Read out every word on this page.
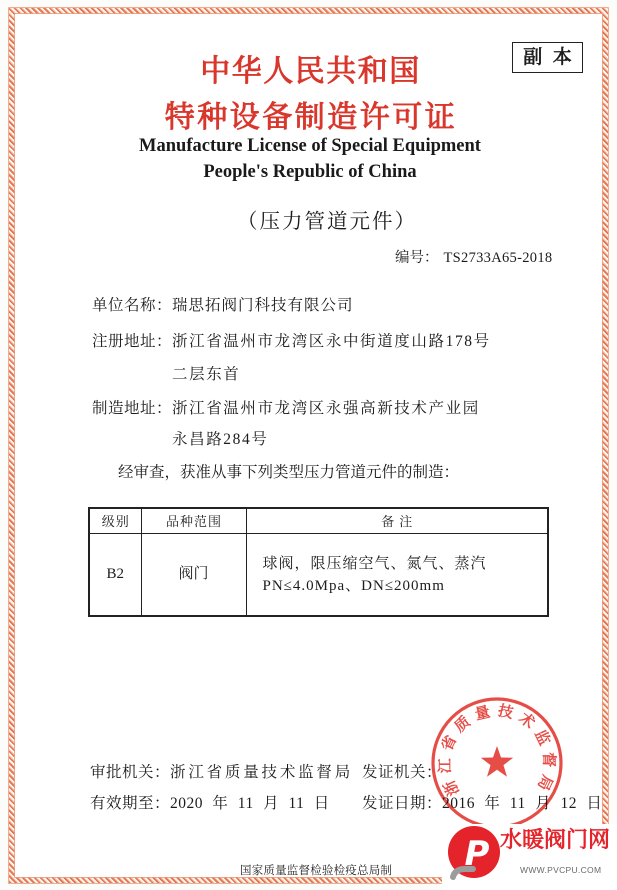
副 本
中华人民共和国
特种设备制造许可证
Manufacture License of Special Equipment
People's Republic of China
（压力管道元件）
编号： TS2733A65-2018
单位名称： 瑞思拓阀门科技有限公司
注册地址： 浙江省温州市龙湾区永中街道度山路178号
二层东首
制造地址： 浙江省温州市龙湾区永强高新技术产业园
永昌路284号
经审查，获准从事下列类型压力管道元件的制造：
级别	品种范围	备注
B2	阀门	球阀，限压缩空气、氮气、蒸汽
PN≤4.0Mpa、DN≤200mm
审批机关：浙江省质量技术监督局 发证机关：
有效期至：2020 年 11 月 11 日 发证日期：2016 年 11 月 12 日
国家质量监督检验检疫总局制
浙江省质量技术监督局
P 水暖阀门网
WWW.PVCPU.COM
